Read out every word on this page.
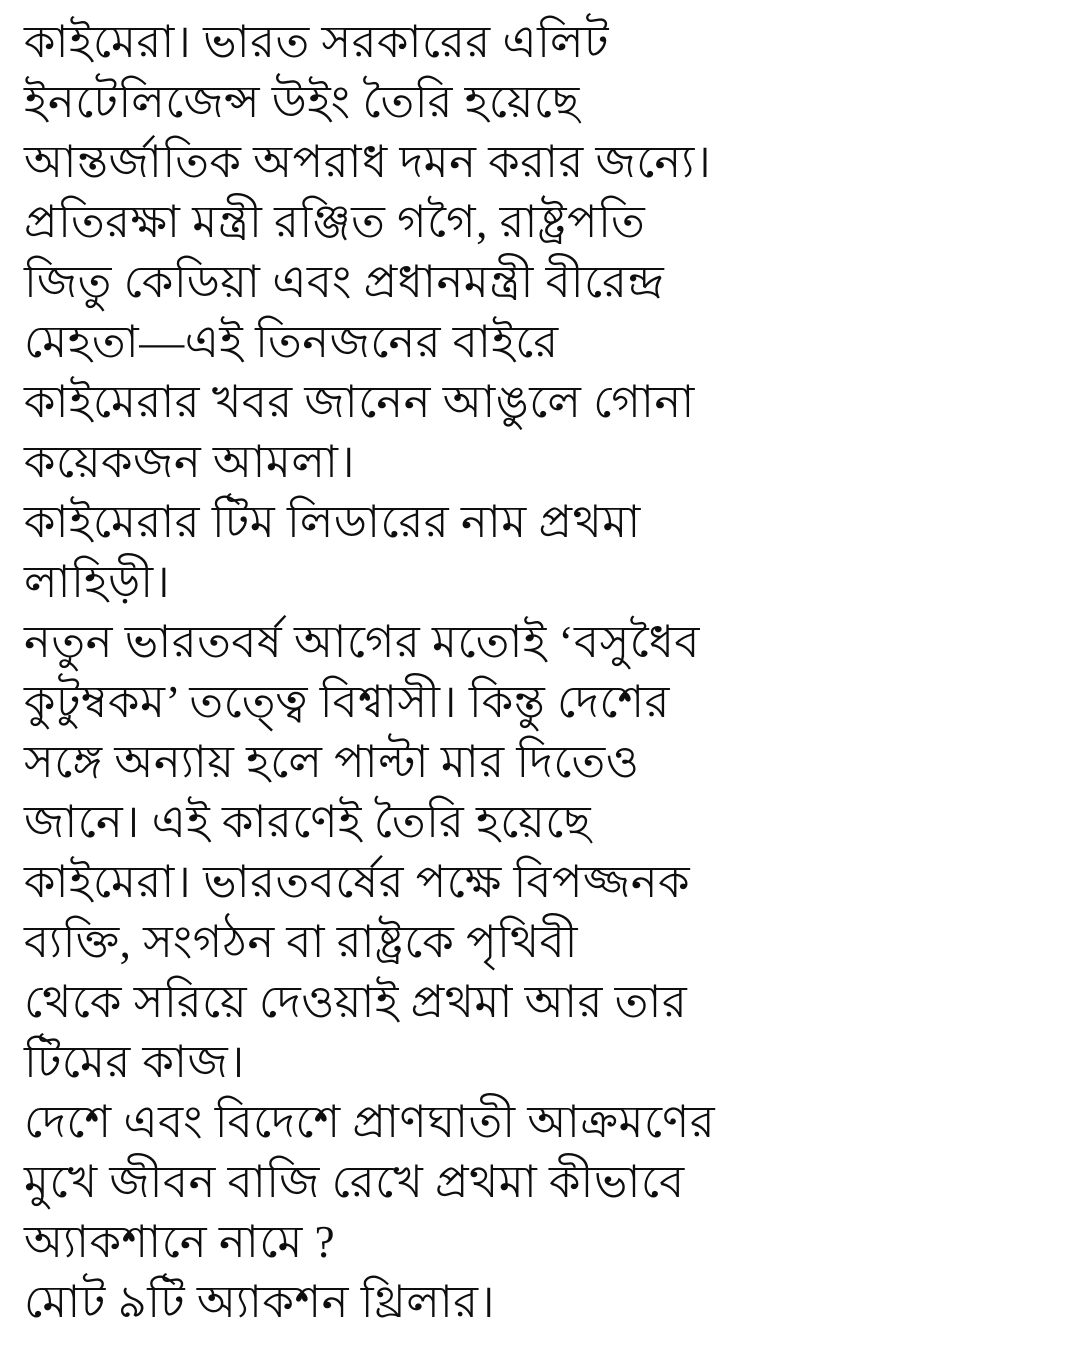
কাইমেরা। ভারত সরকারের এলিট
ইনটেলিজেন্স উইং তৈরি হয়েছে
আন্তর্জাতিক অপরাধ দমন করার জন্যে।
প্রতিরক্ষা মন্ত্রী রঞ্জিত গগৈ, রাষ্ট্রপতি
জিতু কেডিয়া এবং প্রধানমন্ত্রী বীরেন্দ্র
মেহতা—এই তিনজনের বাইরে
কাইমেরার খবর জানেন আঙুলে গোনা
কয়েকজন আমলা।
কাইমেরার টিম লিডারের নাম প্রথমা
লাহিড়ী।
নতুন ভারতবর্ষ আগের মতোই ‘বসুধৈব
কুটুম্বকম’ তত্ত্বে বিশ্বাসী। কিন্তু দেশের
সঙ্গে অন্যায় হলে পাল্টা মার দিতেও
জানে। এই কারণেই তৈরি হয়েছে
কাইমেরা। ভারতবর্ষের পক্ষে বিপজ্জনক
ব্যক্তি, সংগঠন বা রাষ্ট্রকে পৃথিবী
থেকে সরিয়ে দেওয়াই প্রথমা আর তার
টিমের কাজ।
দেশে এবং বিদেশে প্রাণঘাতী আক্রমণের
মুখে জীবন বাজি রেখে প্রথমা কীভাবে
অ্যাকশানে নামে ?
মোট ৯টি অ্যাকশন থ্রিলার।
